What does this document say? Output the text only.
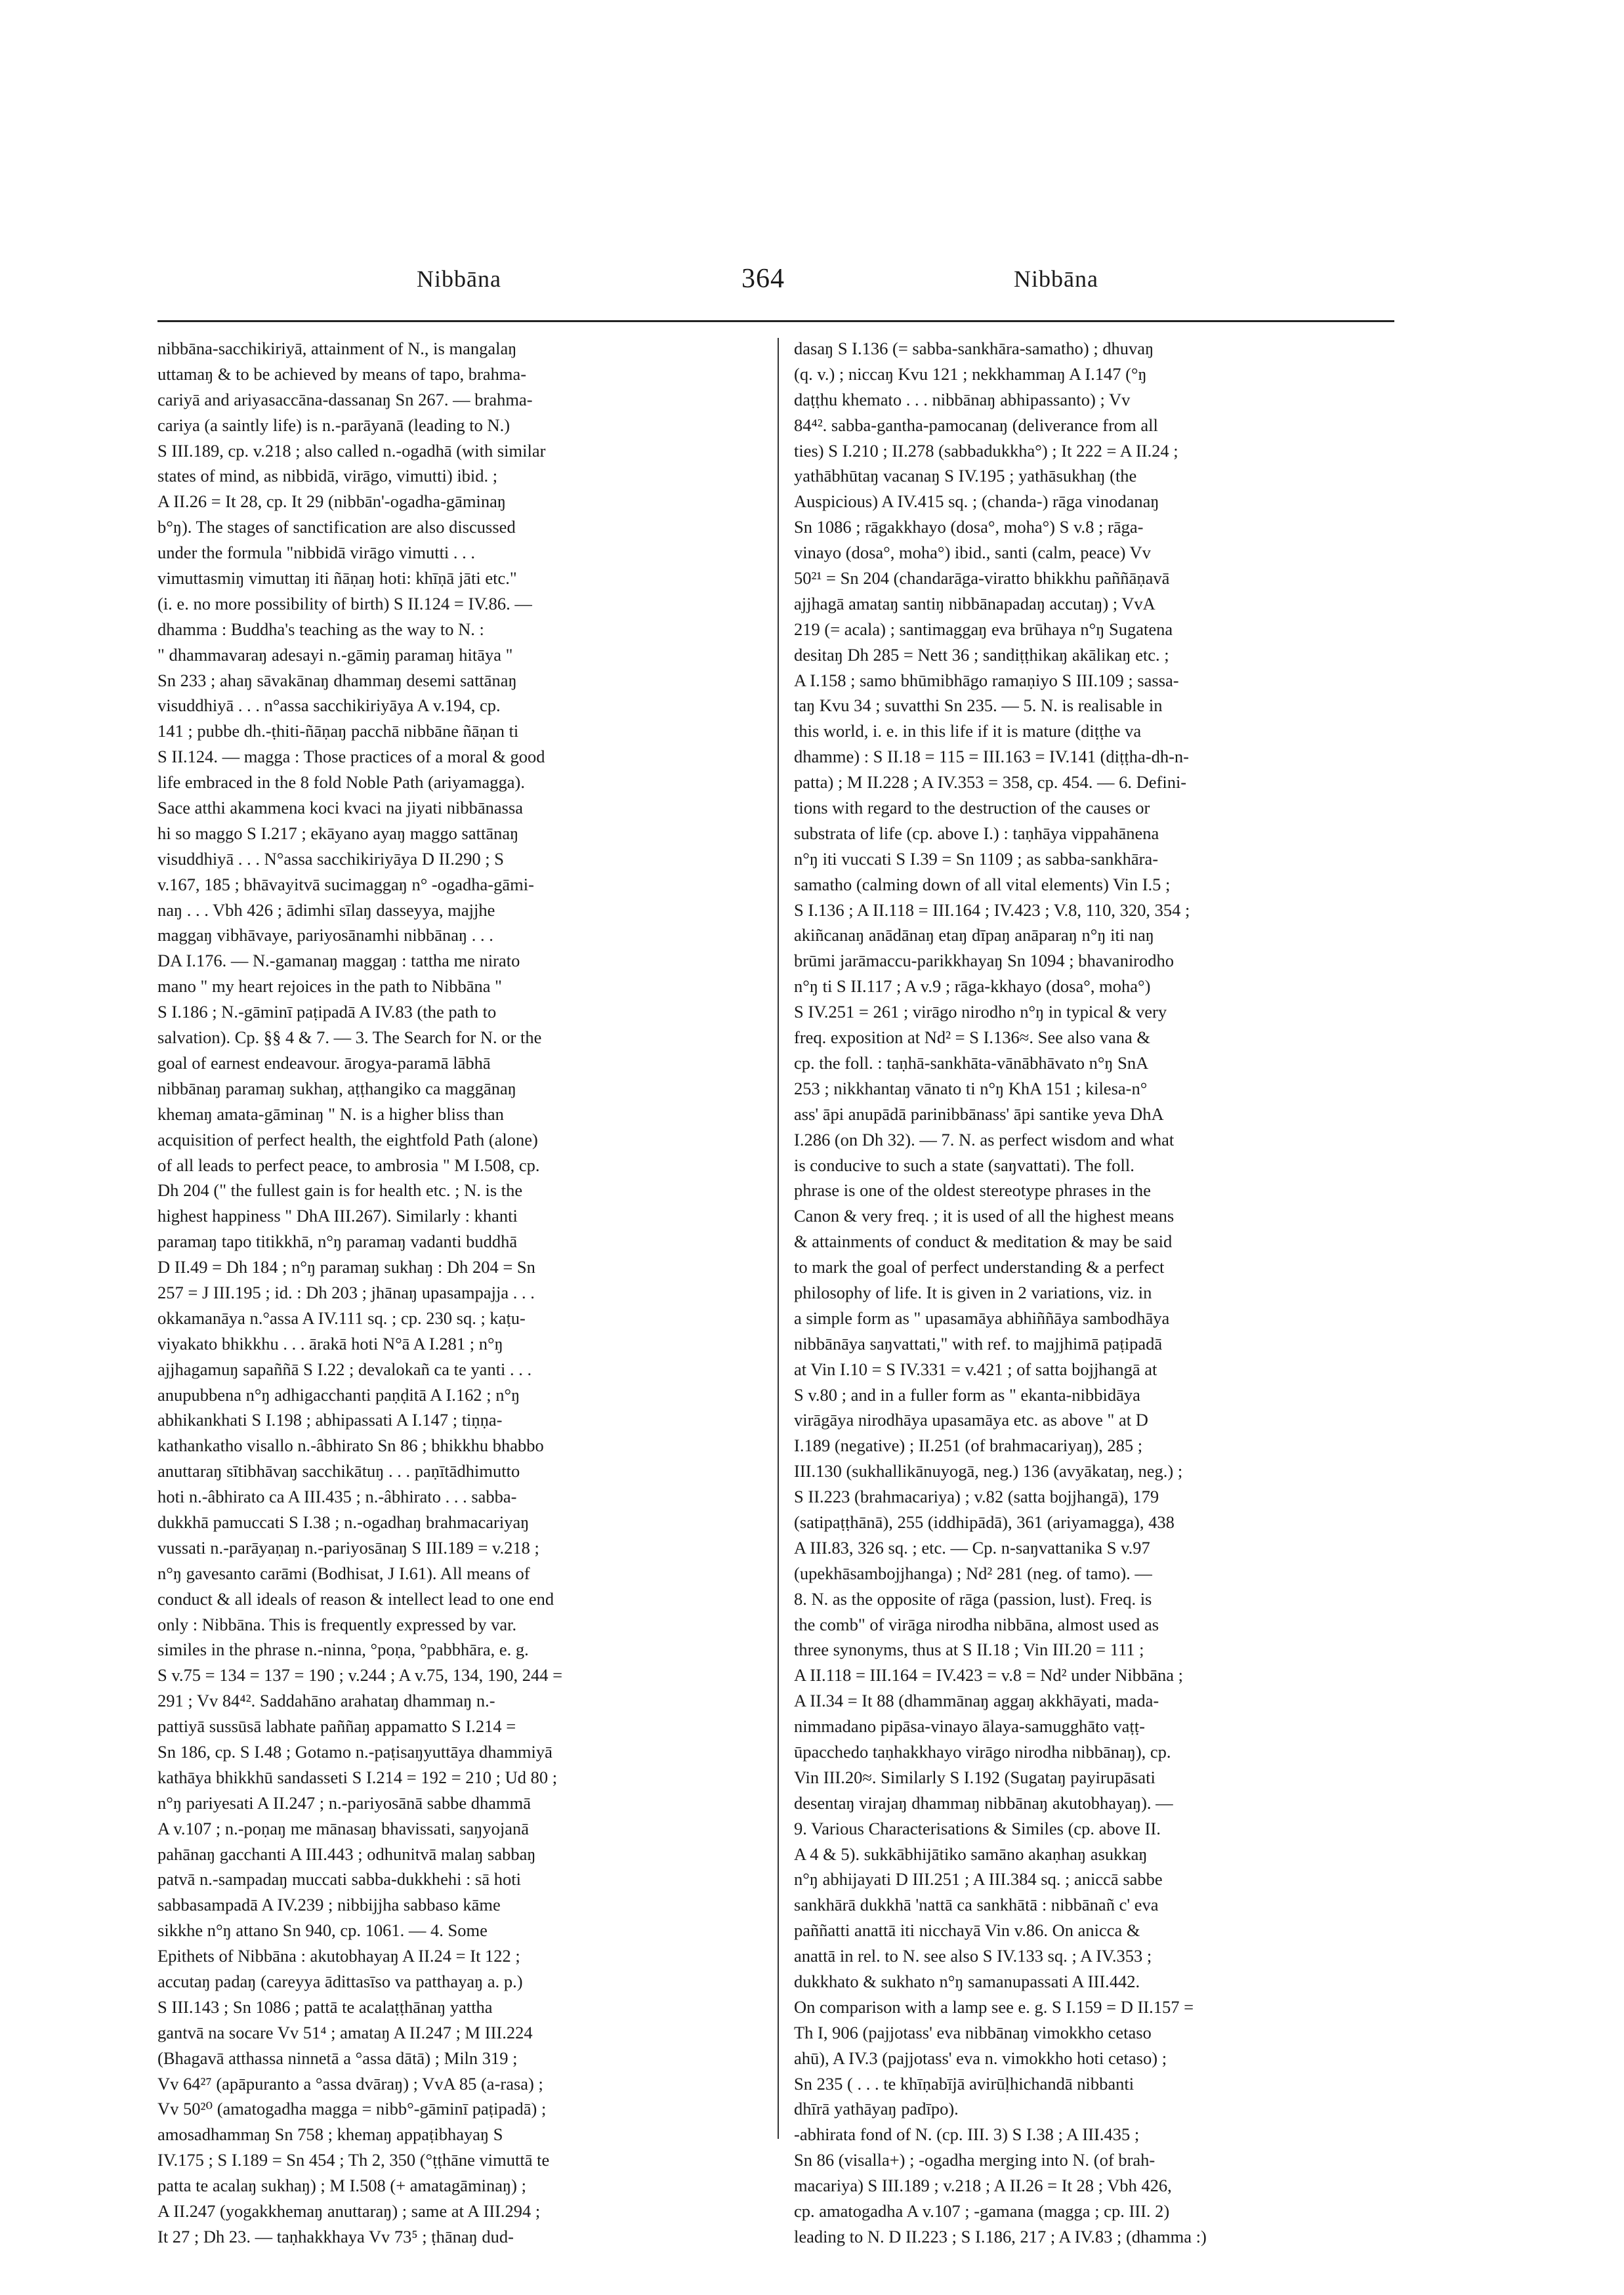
Nibbāna	364	Nibbāna
nibbāna-sacchikiriyā, attainment of N., is mangalaŋ
uttamaŋ & to be achieved by means of tapo, brahma-
cariyā and ariyasaccāna-dassanaŋ Sn 267. — brahma-
cariya (a saintly life) is n.-parāyanā (leading to N.)
S III.189, cp. v.218 ; also called n.-ogadhā (with similar
states of mind, as nibbidā, virāgo, vimutti) ibid. ;
A II.26 = It 28, cp. It 29 (nibbān'-ogadha-gāminaŋ
b°ŋ). The stages of sanctification are also discussed
under the formula "nibbidā virāgo vimutti . . .
vimuttasmiŋ vimuttaŋ iti ñāṇaŋ hoti: khīṇā jāti etc."
(i. e. no more possibility of birth) S II.124 = IV.86. —
dhamma : Buddha's teaching as the way to N. :
" dhammavaraŋ adesayi n.-gāmiŋ paramaŋ hitāya "
Sn 233 ; ahaŋ sāvakānaŋ dhammaŋ desemi sattānaŋ
visuddhiyā . . . n°assa sacchikiriyāya A v.194, cp.
141 ; pubbe dh.-ṭhiti-ñāṇaŋ pacchā nibbāne ñāṇan ti
S II.124. — magga : Those practices of a moral & good
life embraced in the 8 fold Noble Path (ariyamagga).
Sace atthi akammena koci kvaci na jiyati nibbānassa
hi so maggo S I.217 ; ekāyano ayaŋ maggo sattānaŋ
visuddhiyā . . . N°assa sacchikiriyāya D II.290 ; S
v.167, 185 ; bhāvayitvā sucimaggaŋ n° -ogadha-gāmi-
naŋ . . . Vbh 426 ; ādimhi sīlaŋ dasseyya, majjhe
maggaŋ vibhāvaye, pariyosānamhi nibbānaŋ . . .
DA I.176. — N.-gamanaŋ maggaŋ : tattha me nirato
mano " my heart rejoices in the path to Nibbāna "
S I.186 ; N.-gāminī paṭipadā A IV.83 (the path to
salvation). Cp. §§ 4 & 7. — 3. The Search for N. or the
goal of earnest endeavour. ārogya-paramā lābhā
nibbānaŋ paramaŋ sukhaŋ, aṭṭhangiko ca maggānaŋ
khemaŋ amata-gāminaŋ " N. is a higher bliss than
acquisition of perfect health, the eightfold Path (alone)
of all leads to perfect peace, to ambrosia " M I.508, cp.
Dh 204 (" the fullest gain is for health etc. ; N. is the
highest happiness " DhA III.267). Similarly : khanti
paramaŋ tapo titikkhā, n°ŋ paramaŋ vadanti buddhā
D II.49 = Dh 184 ; n°ŋ paramaŋ sukhaŋ : Dh 204 = Sn
257 = J III.195 ; id. : Dh 203 ; jhānaŋ upasampajja . . .
okkamanāya n.°assa A IV.111 sq. ; cp. 230 sq. ; kaṭu-
viyakato bhikkhu . . . ārakā hoti N°ā A I.281 ; n°ŋ
ajjhagamuŋ sapaññā S I.22 ; devalokañ ca te yanti . . .
anupubbena n°ŋ adhigacchanti paṇḍitā A I.162 ; n°ŋ
abhikankhati S I.198 ; abhipassati A I.147 ; tiṇṇa-
kathankatho visallo n.-âbhirato Sn 86 ; bhikkhu bhabbo
anuttaraŋ sītibhāvaŋ sacchikātuŋ . . . paṇītādhimutto
hoti n.-âbhirato ca A III.435 ; n.-âbhirato . . . sabba-
dukkhā pamuccati S I.38 ; n.-ogadhaŋ brahmacariyaŋ
vussati n.-parāyaṇaŋ n.-pariyosānaŋ S III.189 = v.218 ;
n°ŋ gavesanto carāmi (Bodhisat, J I.61). All means of
conduct & all ideals of reason & intellect lead to one end
only : Nibbāna. This is frequently expressed by var.
similes in the phrase n.-ninna, °poṇa, °pabbhāra, e. g.
S v.75 = 134 = 137 = 190 ; v.244 ; A v.75, 134, 190, 244 =
291 ; Vv 84⁴². Saddahāno arahataŋ dhammaŋ n.-
pattiyā sussūsā labhate paññaŋ appamatto S I.214 =
Sn 186, cp. S I.48 ; Gotamo n.-paṭisaŋyuttāya dhammiyā
kathāya bhikkhū sandasseti S I.214 = 192 = 210 ; Ud 80 ;
n°ŋ pariyesati A II.247 ; n.-pariyosānā sabbe dhammā
A v.107 ; n.-poṇaŋ me mānasaŋ bhavissati, saŋyojanā
pahānaŋ gacchanti A III.443 ; odhunitvā malaŋ sabbaŋ
patvā n.-sampadaŋ muccati sabba-dukkhehi : sā hoti
sabbasampadā A IV.239 ; nibbijjha sabbaso kāme
sikkhe n°ŋ attano Sn 940, cp. 1061. — 4. Some
Epithets of Nibbāna : akutobhayaŋ A II.24 = It 122 ;
accutaŋ padaŋ (careyya ādittasīso va patthayaŋ a. p.)
S III.143 ; Sn 1086 ; pattā te acalaṭṭhānaŋ yattha
gantvā na socare Vv 51⁴ ; amataŋ A II.247 ; M III.224
(Bhagavā atthassa ninnetā a °assa dātā) ; Miln 319 ;
Vv 64²⁷ (apāpuranto a °assa dvāraŋ) ; VvA 85 (a-rasa) ;
Vv 50²⁰ (amatogadha magga = nibb°-gāminī paṭipadā) ;
amosadhammaŋ Sn 758 ; khemaŋ appaṭibhayaŋ S
IV.175 ; S I.189 = Sn 454 ; Th 2, 350 (°ṭṭhāne vimuttā te
patta te acalaŋ sukhaŋ) ; M I.508 (+ amatagāminaŋ) ;
A II.247 (yogakkhemaŋ anuttaraŋ) ; same at A III.294 ;
It 27 ; Dh 23. — taṇhakkhaya Vv 73⁵ ; ṭhānaŋ dud-
dasaŋ S I.136 (= sabba-sankhāra-samatho) ; dhuvaŋ
(q. v.) ; niccaŋ Kvu 121 ; nekkhammaŋ A I.147 (°ŋ
daṭṭhu khemato . . . nibbānaŋ abhipassanto) ; Vv
84⁴². sabba-gantha-pamocanaŋ (deliverance from all
ties) S I.210 ; II.278 (sabbadukkha°) ; It 222 = A II.24 ;
yathābhūtaŋ vacanaŋ S IV.195 ; yathāsukhaŋ (the
Auspicious) A IV.415 sq. ; (chanda-) rāga vinodanaŋ
Sn 1086 ; rāgakkhayo (dosa°, moha°) S v.8 ; rāga-
vinayo (dosa°, moha°) ibid., santi (calm, peace) Vv
50²¹ = Sn 204 (chandarāga-viratto bhikkhu paññāṇavā
ajjhagā amataŋ santiŋ nibbānapadaŋ accutaŋ) ; VvA
219 (= acala) ; santimaggaŋ eva brūhaya n°ŋ Sugatena
desitaŋ Dh 285 = Nett 36 ; sandiṭṭhikaŋ akālikaŋ etc. ;
A I.158 ; samo bhūmibhāgo ramaṇiyo S III.109 ; sassa-
taŋ Kvu 34 ; suvatthi Sn 235. — 5. N. is realisable in
this world, i. e. in this life if it is mature (diṭṭhe va
dhamme) : S II.18 = 115 = III.163 = IV.141 (diṭṭha-dh-n-
patta) ; M II.228 ; A IV.353 = 358, cp. 454. — 6. Defini-
tions with regard to the destruction of the causes or
substrata of life (cp. above I.) : taṇhāya vippahānena
n°ŋ iti vuccati S I.39 = Sn 1109 ; as sabba-sankhāra-
samatho (calming down of all vital elements) Vin I.5 ;
S I.136 ; A II.118 = III.164 ; IV.423 ; V.8, 110, 320, 354 ;
akiñcanaŋ anādānaŋ etaŋ dīpaŋ anāparaŋ n°ŋ iti naŋ
brūmi jarāmaccu-parikkhayaŋ Sn 1094 ; bhavanirodho
n°ŋ ti S II.117 ; A v.9 ; rāga-kkhayo (dosa°, moha°)
S IV.251 = 261 ; virāgo nirodho n°ŋ in typical & very
freq. exposition at Nd² = S I.136≈. See also vana &
cp. the foll. : taṇhā-sankhāta-vānābhāvato n°ŋ SnA
253 ; nikkhantaŋ vānato ti n°ŋ KhA 151 ; kilesa-n°
ass' āpi anupādā parinibbānass' āpi santike yeva DhA
I.286 (on Dh 32). — 7. N. as perfect wisdom and what
is conducive to such a state (saŋvattati). The foll.
phrase is one of the oldest stereotype phrases in the
Canon & very freq. ; it is used of all the highest means
& attainments of conduct & meditation & may be said
to mark the goal of perfect understanding & a perfect
philosophy of life. It is given in 2 variations, viz. in
a simple form as " upasamāya abhiññāya sambodhāya
nibbānāya saŋvattati," with ref. to majjhimā paṭipadā
at Vin I.10 = S IV.331 = v.421 ; of satta bojjhangā at
S v.80 ; and in a fuller form as " ekanta-nibbidāya
virāgāya nirodhāya upasamāya etc. as above " at D
I.189 (negative) ; II.251 (of brahmacariyaŋ), 285 ;
III.130 (sukhallikānuyogā, neg.) 136 (avyākataŋ, neg.) ;
S II.223 (brahmacariya) ; v.82 (satta bojjhangā), 179
(satipaṭṭhānā), 255 (iddhipādā), 361 (ariyamagga), 438
A III.83, 326 sq. ; etc. — Cp. n-saŋvattanika S v.97
(upekhāsambojjhanga) ; Nd² 281 (neg. of tamo). —
8. N. as the opposite of rāga (passion, lust). Freq. is
the comb" of virāga nirodha nibbāna, almost used as
three synonyms, thus at S II.18 ; Vin III.20 = 111 ;
A II.118 = III.164 = IV.423 = v.8 = Nd² under Nibbāna ;
A II.34 = It 88 (dhammānaŋ aggaŋ akkhāyati, mada-
nimmadano pipāsa-vinayo ālaya-samugghāto vaṭṭ-
ūpacchedo taṇhakkhayo virāgo nirodha nibbānaŋ), cp.
Vin III.20≈. Similarly S I.192 (Sugataŋ payirupāsati
desentaŋ virajaŋ dhammaŋ nibbānaŋ akutobhayaŋ). —
9. Various Characterisations & Similes (cp. above II.
A 4 & 5). sukkābhijātiko samāno akaṇhaŋ asukkaŋ
n°ŋ abhijayati D III.251 ; A III.384 sq. ; aniccā sabbe
sankhārā dukkhā 'nattā ca sankhātā : nibbānañ c' eva
paññatti anattā iti nicchayā Vin v.86. On anicca &
anattā in rel. to N. see also S IV.133 sq. ; A IV.353 ;
dukkhato & sukhato n°ŋ samanupassati A III.442.
On comparison with a lamp see e. g. S I.159 = D II.157 =
Th I, 906 (pajjotass' eva nibbānaŋ vimokkho cetaso
ahū), A IV.3 (pajjotass' eva n. vimokkho hoti cetaso) ;
Sn 235 ( . . . te khīṇabījā avirūḷhichandā nibbanti
dhīrā yathāyaŋ padīpo).
-abhirata fond of N. (cp. III. 3) S I.38 ; A III.435 ;
Sn 86 (visalla+) ; -ogadha merging into N. (of brah-
macariya) S III.189 ; v.218 ; A II.26 = It 28 ; Vbh 426,
cp. amatogadha A v.107 ; -gamana (magga ; cp. III. 2)
leading to N. D II.223 ; S I.186, 217 ; A IV.83 ; (dhamma :)
